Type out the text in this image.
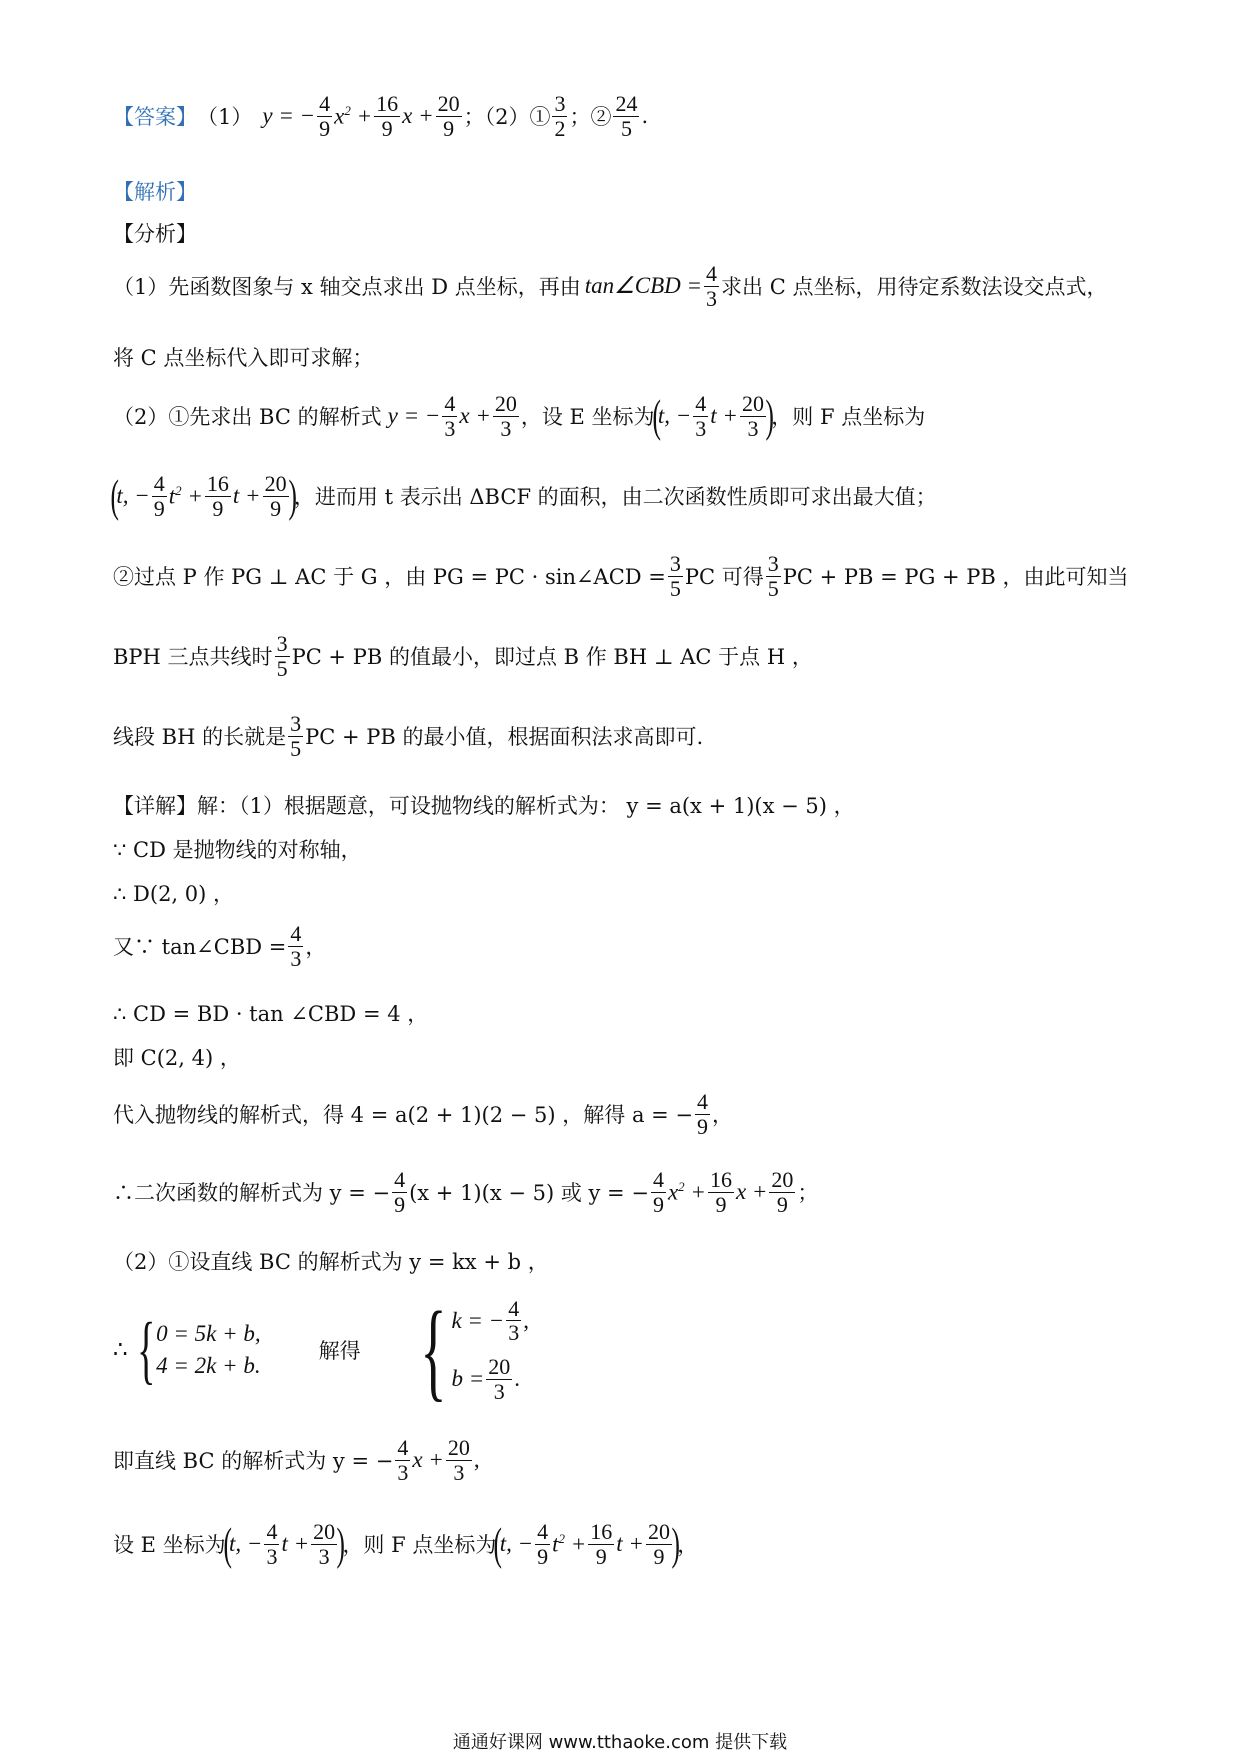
【答案】 （1） y = − $\frac{4}{9} x^2 + \frac{16}{9}$ $x + \frac{20}{9}$ ；（2）① $\frac{3}{2}$ ；② $\frac{24}{5}$ .
【解析】
【分析】
（1）先函数图象与 x 轴交点求出 D 点坐标，再由 tan∠CBD = $\frac{4}{3}$ 求出 C 点坐标，用待定系数法设交点式，
将 C 点坐标代入即可求解；
（2）①先求出 BC 的解析式 y = − $\frac{4}{3}$ $x + \frac{20}{3}$ ，设 E 坐标为
(
t, − $\frac{4}{3}$ $t + \frac{20}{3}$ )
，则 F 点坐标为
(
t, − $\frac{4}{9} t^2 + \frac{16}{9}$ $t + \frac{20}{9}$ )
，进而用 t 表示出 ΔBCF 的面积，由二次函数性质即可求出最大值；
②过点 P 作 PG ⊥ AC 于 G ，由 PG = PC · sin∠ACD = $\frac{3}{5}$ PC 可得 $\frac{3}{5}$ PC + PB = PG + PB ，由此可知当
BPH 三点共线时 $\frac{3}{5}$ PC + PB 的值最小，即过点 B 作 BH ⊥ AC 于点 H ，
线段 BH 的长就是 $\frac{3}{5}$ PC + PB 的最小值，根据面积法求高即可.
【详解】解：（1）根据题意，可设抛物线的解析式为： y = a(x + 1)(x − 5) ，
∵ CD 是抛物线的对称轴，
∴ D(2, 0) ，
又∵ tan∠CBD = $\frac{4}{3}$ ，
∴ CD = BD · tan ∠CBD = 4 ，
即 C(2, 4) ，
代入抛物线的解析式，得 4 = a(2 + 1)(2 − 5) ，解得 a = − $\frac{4}{9}$ ，
∴二次函数的解析式为 y = − $\frac{4}{9} (x + 1)(x - 5)$ 或 y = − $\frac{4}{9} x^2 + \frac{16}{9}$ $x + \frac{20}{9}$ ；
（2）①设直线 BC 的解析式为 y = kx + b ，
∴ { 0 = 5k + b,
4 = 2k + b.
解得 { k = − $\frac{4}{3}$ ,
$b = \frac{20}{3}$ .
即直线 BC 的解析式为 y = − $\frac{4}{3}$ $x + \frac{20}{3}$ ,
设 E 坐标为
(
t, − $\frac{4}{3}$ $t + \frac{20}{3}$ )
，则 F 点坐标为
(
t, − $\frac{4}{9} t^2 + \frac{16}{9}$ $t + \frac{20}{9}$ )
，
通通好课网 www.tthaoke.com 提供下载
